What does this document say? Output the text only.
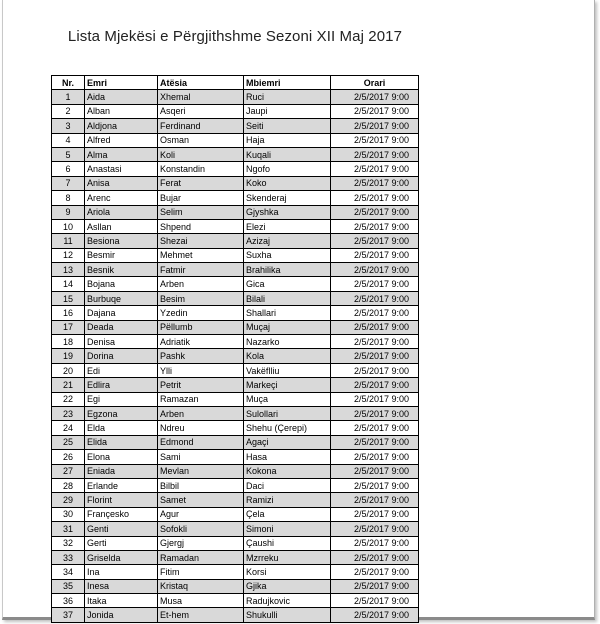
Lista Mjekësi e Përgjithshme Sezoni XII Maj 2017
Nr.	Emri	Atësia	Mbiemri	Orari
1	Aida	Xhemal	Ruci	2/5/2017 9:00
2	Alban	Asqeri	Jaupi	2/5/2017 9:00
3	Aldjona	Ferdinand	Seiti	2/5/2017 9:00
4	Alfred	Osman	Haja	2/5/2017 9:00
5	Alma	Koli	Kuqali	2/5/2017 9:00
6	Anastasi	Konstandin	Ngofo	2/5/2017 9:00
7	Anisa	Ferat	Koko	2/5/2017 9:00
8	Arenc	Bujar	Skenderaj	2/5/2017 9:00
9	Ariola	Selim	Gjyshka	2/5/2017 9:00
10	Asllan	Shpend	Elezi	2/5/2017 9:00
11	Besiona	Shezai	Azizaj	2/5/2017 9:00
12	Besmir	Mehmet	Suxha	2/5/2017 9:00
13	Besnik	Fatmir	Brahilika	2/5/2017 9:00
14	Bojana	Arben	Gica	2/5/2017 9:00
15	Burbuqe	Besim	Bilali	2/5/2017 9:00
16	Dajana	Yzedin	Shallari	2/5/2017 9:00
17	Deada	Pëllumb	Muçaj	2/5/2017 9:00
18	Denisa	Adriatik	Nazarko	2/5/2017 9:00
19	Dorina	Pashk	Kola	2/5/2017 9:00
20	Edi	Ylli	Vakëflliu	2/5/2017 9:00
21	Edlira	Petrit	Markeçi	2/5/2017 9:00
22	Egi	Ramazan	Muça	2/5/2017 9:00
23	Egzona	Arben	Sulollari	2/5/2017 9:00
24	Elda	Ndreu	Shehu (Çerepi)	2/5/2017 9:00
25	Elida	Edmond	Agaçi	2/5/2017 9:00
26	Elona	Sami	Hasa	2/5/2017 9:00
27	Eniada	Mevlan	Kokona	2/5/2017 9:00
28	Erlande	Bilbil	Daci	2/5/2017 9:00
29	Florint	Samet	Ramizi	2/5/2017 9:00
30	Françesko	Agur	Çela	2/5/2017 9:00
31	Genti	Sofokli	Simoni	2/5/2017 9:00
32	Gerti	Gjergj	Çaushi	2/5/2017 9:00
33	Griselda	Ramadan	Mzrreku	2/5/2017 9:00
34	Ina	Fitim	Korsi	2/5/2017 9:00
35	Inesa	Kristaq	Gjika	2/5/2017 9:00
36	Itaka	Musa	Radujkovic	2/5/2017 9:00
37	Jonida	Et-hem	Shukulli	2/5/2017 9:00
